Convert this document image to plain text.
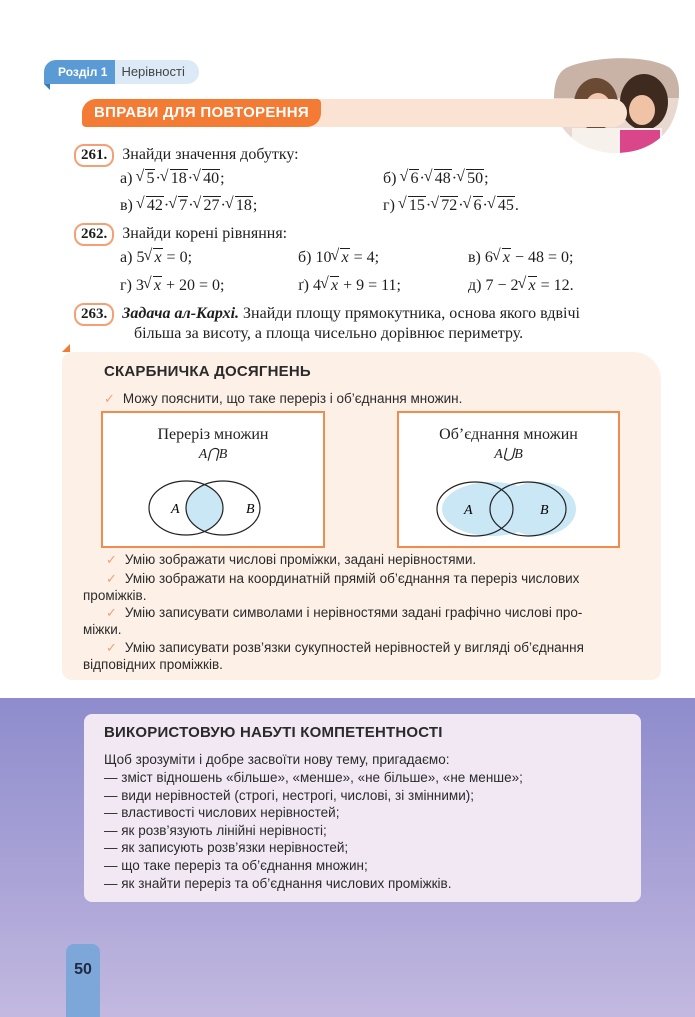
Розділ 1	Нерівності
ВПРАВИ ДЛЯ ПОВТОРЕННЯ
261. Знайди значення добутку:
а) √ 5· √ 18· √ 40;	б) √ 6· √ 48· √ 50;
в) √ 42· √ 7· √ 27· √ 18;	г) √ 15· √ 72· √ 6· √ 45.
262. Знайди корені рівняння:
а) 5 √ x = 0;	б) 10 √ x = 4;	в) 6 √ x − 48 = 0;
г) 3 √ x + 20 = 0;	ґ) 4 √ x + 9 = 11;	д) 7 − 2 √ x = 12.
263. Задача ал-Кархі. Знайди площу прямокутника, основа якого вдвічі
більша за висоту, а площа чисельно дорівнює периметру.
СКАРБНИЧКА ДОСЯГНЕНЬ
✓ Можу пояснити, що таке переріз і об’єднання множин.
Переріз множин
A⋂B
A	B
Об’єднання множин
A⋃B
A	B
✓ Умію зображати числові проміжки, задані нерівностями.
✓ Умію зображати на координатній прямій об’єднання та переріз числових
проміжків.
✓ Умію записувати символами і нерівностями задані графічно числові про-
міжки.
✓ Умію записувати розв’язки сукупностей нерівностей у вигляді об’єднання
відповідних проміжків.
ВИКОРИСТОВУЮ НАБУТІ КОМПЕТЕНТНОСТІ
Щоб зрозуміти і добре засвоїти нову тему, пригадаємо:
— зміст відношень «більше», «менше», «не більше», «не менше»;
— види нерівностей (строгі, нестрогі, числові, зі змінними);
— властивості числових нерівностей;
— як розв’язують лінійні нерівності;
— як записують розв’язки нерівностей;
— що таке переріз та об’єднання множин;
— як знайти переріз та об’єднання числових проміжків.
50
